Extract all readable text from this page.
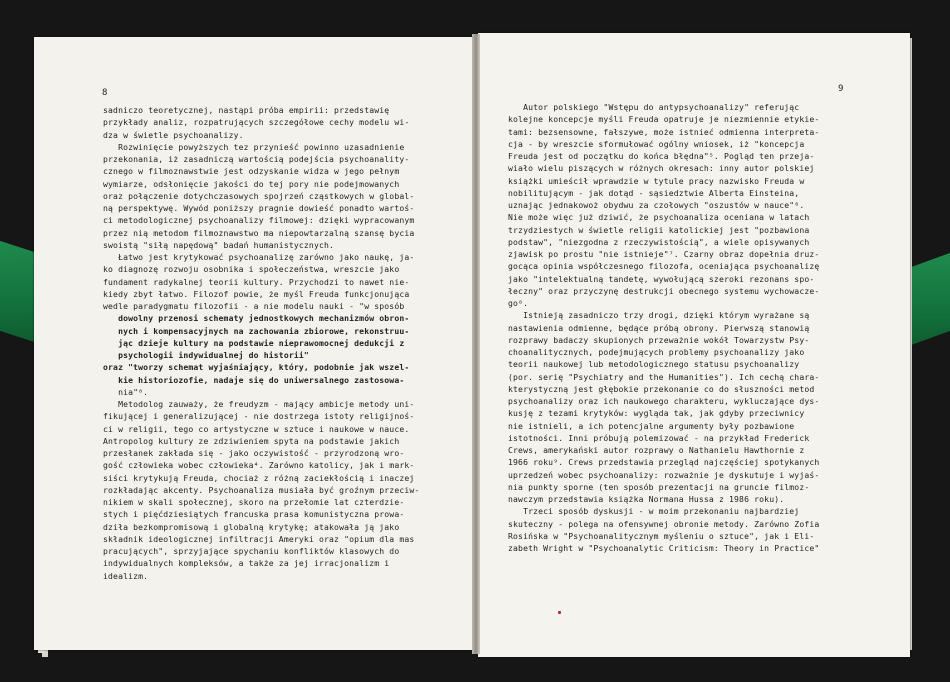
8	9
sadniczo teoretycznej, nastąpi próba empirii: przedstawię
przykłady analiz, rozpatrujących szczegółowe cechy modelu wi-
dza w świetle psychoanalizy.
Rozwinięcie powyższych tez przynieść powinno uzasadnienie
przekonania, iż zasadniczą wartością podejścia psychoanality-
cznego w filmoznawstwie jest odzyskanie widza w jego pełnym
wymiarze, odsłonięcie jakości do tej pory nie podejmowanych
oraz połączenie dotychczasowych spojrzeń cząstkowych w global-
ną perspektywę. Wywód poniższy pragnie dowieść ponadto wartoś-
ci metodologicznej psychoanalizy filmowej: dzięki wypracowanym
przez nią metodom filmoznawstwo ma niepowtarzalną szansę bycia
swoistą "siłą napędową" badań humanistycznych.
Łatwo jest krytykować psychoanalizę zarówno jako naukę, ja-
ko diagnozę rozwoju osobnika i społeczeństwa, wreszcie jako
fundament radykalnej teorii kultury. Przychodzi to nawet nie-
kiedy zbyt łatwo. Filozof powie, że myśl Freuda funkcjonująca
wedle paradygmatu filozofii - a nie modelu nauki - "w sposób
dowolny przenosi schematy jednostkowych mechanizmów obron-
nych i kompensacyjnych na zachowania zbiorowe, rekonstruu-
jąc dzieje kultury na podstawie nieprawomocnej dedukcji z
psychologii indywidualnej do historii"
oraz "tworzy schemat wyjaśniający, który, podobnie jak wszel-
kie historiozofie, nadaje się do uniwersalnego zastosowa-
nia"⁸.
Metodolog zauważy, że freudyzm - mający ambicje metody uni-
fikującej i generalizującej - nie dostrzega istoty religijnoś-
ci w religii, tego co artystyczne w sztuce i naukowe w nauce.
Antropolog kultury ze zdziwieniem spyta na podstawie jakich
przesłanek zakłada się - jako oczywistość - przyrodzoną wro-
gość człowieka wobec człowieka⁴. Zarówno katolicy, jak i mark-
siści krytykują Freuda, chociaż z różną zaciekłością i inaczej
rozkładając akcenty. Psychoanaliza musiała być groźnym przeciw-
nikiem w skali społecznej, skoro na przełomie lat czterdzie-
stych i pięćdziesiątych francuska prasa komunistyczna prowa-
dziła bezkompromisową i globalną krytykę; atakowała ją jako
składnik ideologicznej infiltracji Ameryki oraz "opium dla mas
pracujących", sprzyjające spychaniu konfliktów klasowych do
indywidualnych kompleksów, a także za jej irracjonalizm i
idealizm.
Autor polskiego "Wstępu do antypsychoanalizy" referując
kolejne koncepcje myśli Freuda opatruje je niezmiennie etykie-
tami: bezsensowne, fałszywe, może istnieć odmienna interpreta-
cja - by wreszcie sformułować ogólny wniosek, iż "koncepcja
Freuda jest od początku do końca błędna"⁵. Pogląd ten przeja-
wiało wielu piszących w różnych okresach: inny autor polskiej
książki umieścił wprawdzie w tytule pracy nazwisko Freuda w
nobilitującym - jak dotąd - sąsiedztwie Alberta Einsteina,
uznając jednakowoż obydwu za czołowych "oszustów w nauce"⁶.
Nie może więc już dziwić, że psychoanaliza oceniana w latach
trzydziestych w świetle religii katolickiej jest "pozbawiona
podstaw", "niezgodna z rzeczywistością", a wiele opisywanych
zjawisk po prostu "nie istnieje"⁷. Czarny obraz dopełnia druz-
gocąca opinia współczesnego filozofa, oceniająca psychoanalizę
jako "intelektualną tandetę, wywołującą szeroki rezonans spo-
łeczny" oraz przyczynę destrukcji obecnego systemu wychowacze-
go⁸.
Istnieją zasadniczo trzy drogi, dzięki którym wyrażane są
nastawienia odmienne, będące próbą obrony. Pierwszą stanowią
rozprawy badaczy skupionych przeważnie wokół Towarzystw Psy-
choanalitycznych, podejmujących problemy psychoanalizy jako
teorii naukowej lub metodologicznego statusu psychoanalizy
(por. serię "Psychiatry and the Humanities"). Ich cechą chara-
kterystyczną jest głębokie przekonanie co do słuszności metod
psychoanalizy oraz ich naukowego charakteru, wykluczające dys-
kusję z tezami krytyków: wygląda tak, jak gdyby przeciwnicy
nie istnieli, a ich potencjalne argumenty były pozbawione
istotności. Inni próbują polemizować - na przykład Frederick
Crews, amerykański autor rozprawy o Nathanielu Hawthornie z
1966 roku⁹. Crews przedstawia przegląd najczęściej spotykanych
uprzedzeń wobec psychoanalizy: rozważnie je dyskutuje i wyjaś-
nia punkty sporne (ten sposób prezentacji na gruncie filmoz-
nawczym przedstawia książka Normana Hussa z 1986 roku).
Trzeci sposób dyskusji - w moim przekonaniu najbardziej
skuteczny - polega na ofensywnej obronie metody. Zarówno Zofia
Rosińska w "Psychoanalitycznym myśleniu o sztuce", jak i Eli-
zabeth Wright w "Psychoanalytic Criticism: Theory in Practice"
